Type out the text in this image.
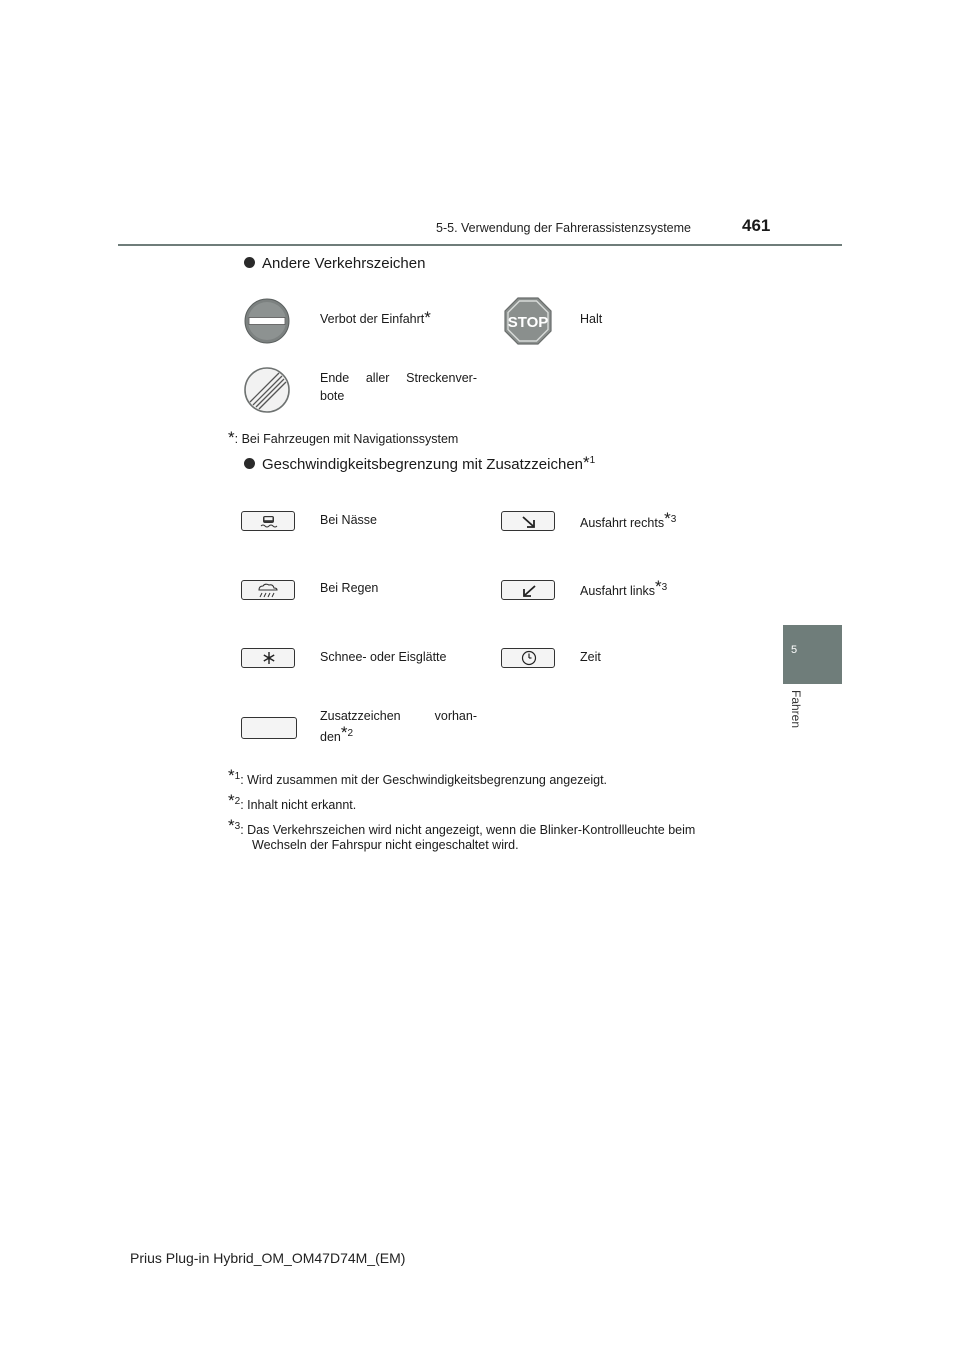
5-5. Verwendung der Fahrerassistenzsysteme	461
5
Fahren
Andere Verkehrszeichen
Verbot der Einfahrt*	STOP	Halt
Ende aller Streckenver-
bote
*: Bei Fahrzeugen mit Navigationssystem
Geschwindigkeitsbegrenzung mit Zusatzzeichen*$^1$
Bei Nässe	Ausfahrt rechts*$^3$
Bei Regen	Ausfahrt links*$^3$
Schnee- oder Eisglätte	Zeit
Zusatzzeichen vorhan-
den*$^2$
*$^1$: Wird zusammen mit der Geschwindigkeitsbegrenzung angezeigt.
*$^2$: Inhalt nicht erkannt.
*$^3$: Das Verkehrszeichen wird nicht angezeigt, wenn die Blinker-Kontrollleuchte beim
Wechseln der Fahrspur nicht eingeschaltet wird.
Prius Plug-in Hybrid_OM_OM47D74M_(EM)
